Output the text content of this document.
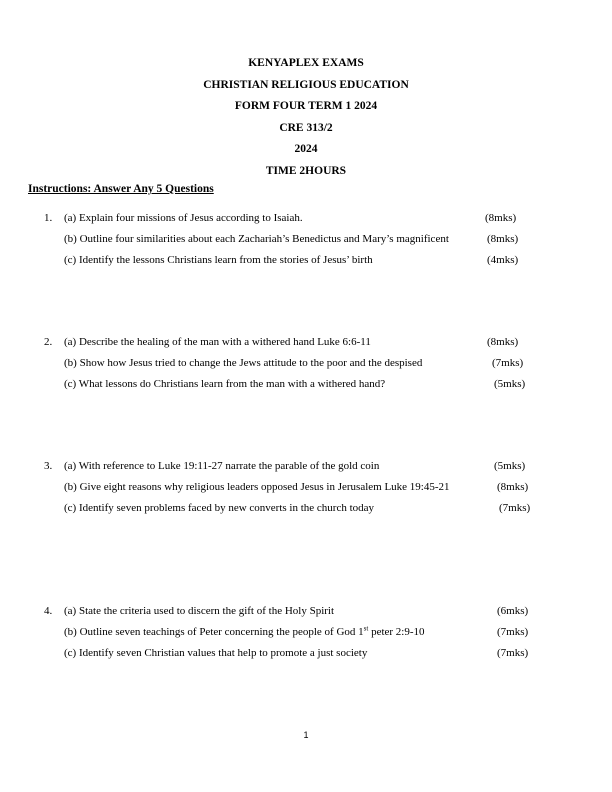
KENYAPLEX EXAMS
CHRISTIAN RELIGIOUS EDUCATION
FORM FOUR TERM 1 2024
CRE 313/2
2024
TIME 2HOURS
Instructions: Answer Any 5 Questions
1. (a) Explain four missions of Jesus according to Isaiah.	(8mks)
(b) Outline four similarities about each Zachariah’s Benedictus and Mary’s magnificent	(8mks)
(c) Identify the lessons Christians learn from the stories of Jesus’ birth	(4mks)
2. (a) Describe the healing of the man with a withered hand Luke 6:6-11	(8mks)
(b) Show how Jesus tried to change the Jews attitude to the poor and the despised	(7mks)
(c) What lessons do Christians learn from the man with a withered hand?	(5mks)
3. (a) With reference to Luke 19:11-27 narrate the parable of the gold coin	(5mks)
(b) Give eight reasons why religious leaders opposed Jesus in Jerusalem Luke 19:45-21	(8mks)
(c) Identify seven problems faced by new converts in the church today	(7mks)
4. (a) State the criteria used to discern the gift of the Holy Spirit	(6mks)
(b) Outline seven teachings of Peter concerning the people of God 1st peter 2:9-10	(7mks)
(c) Identify seven Christian values that help to promote a just society	(7mks)
1
